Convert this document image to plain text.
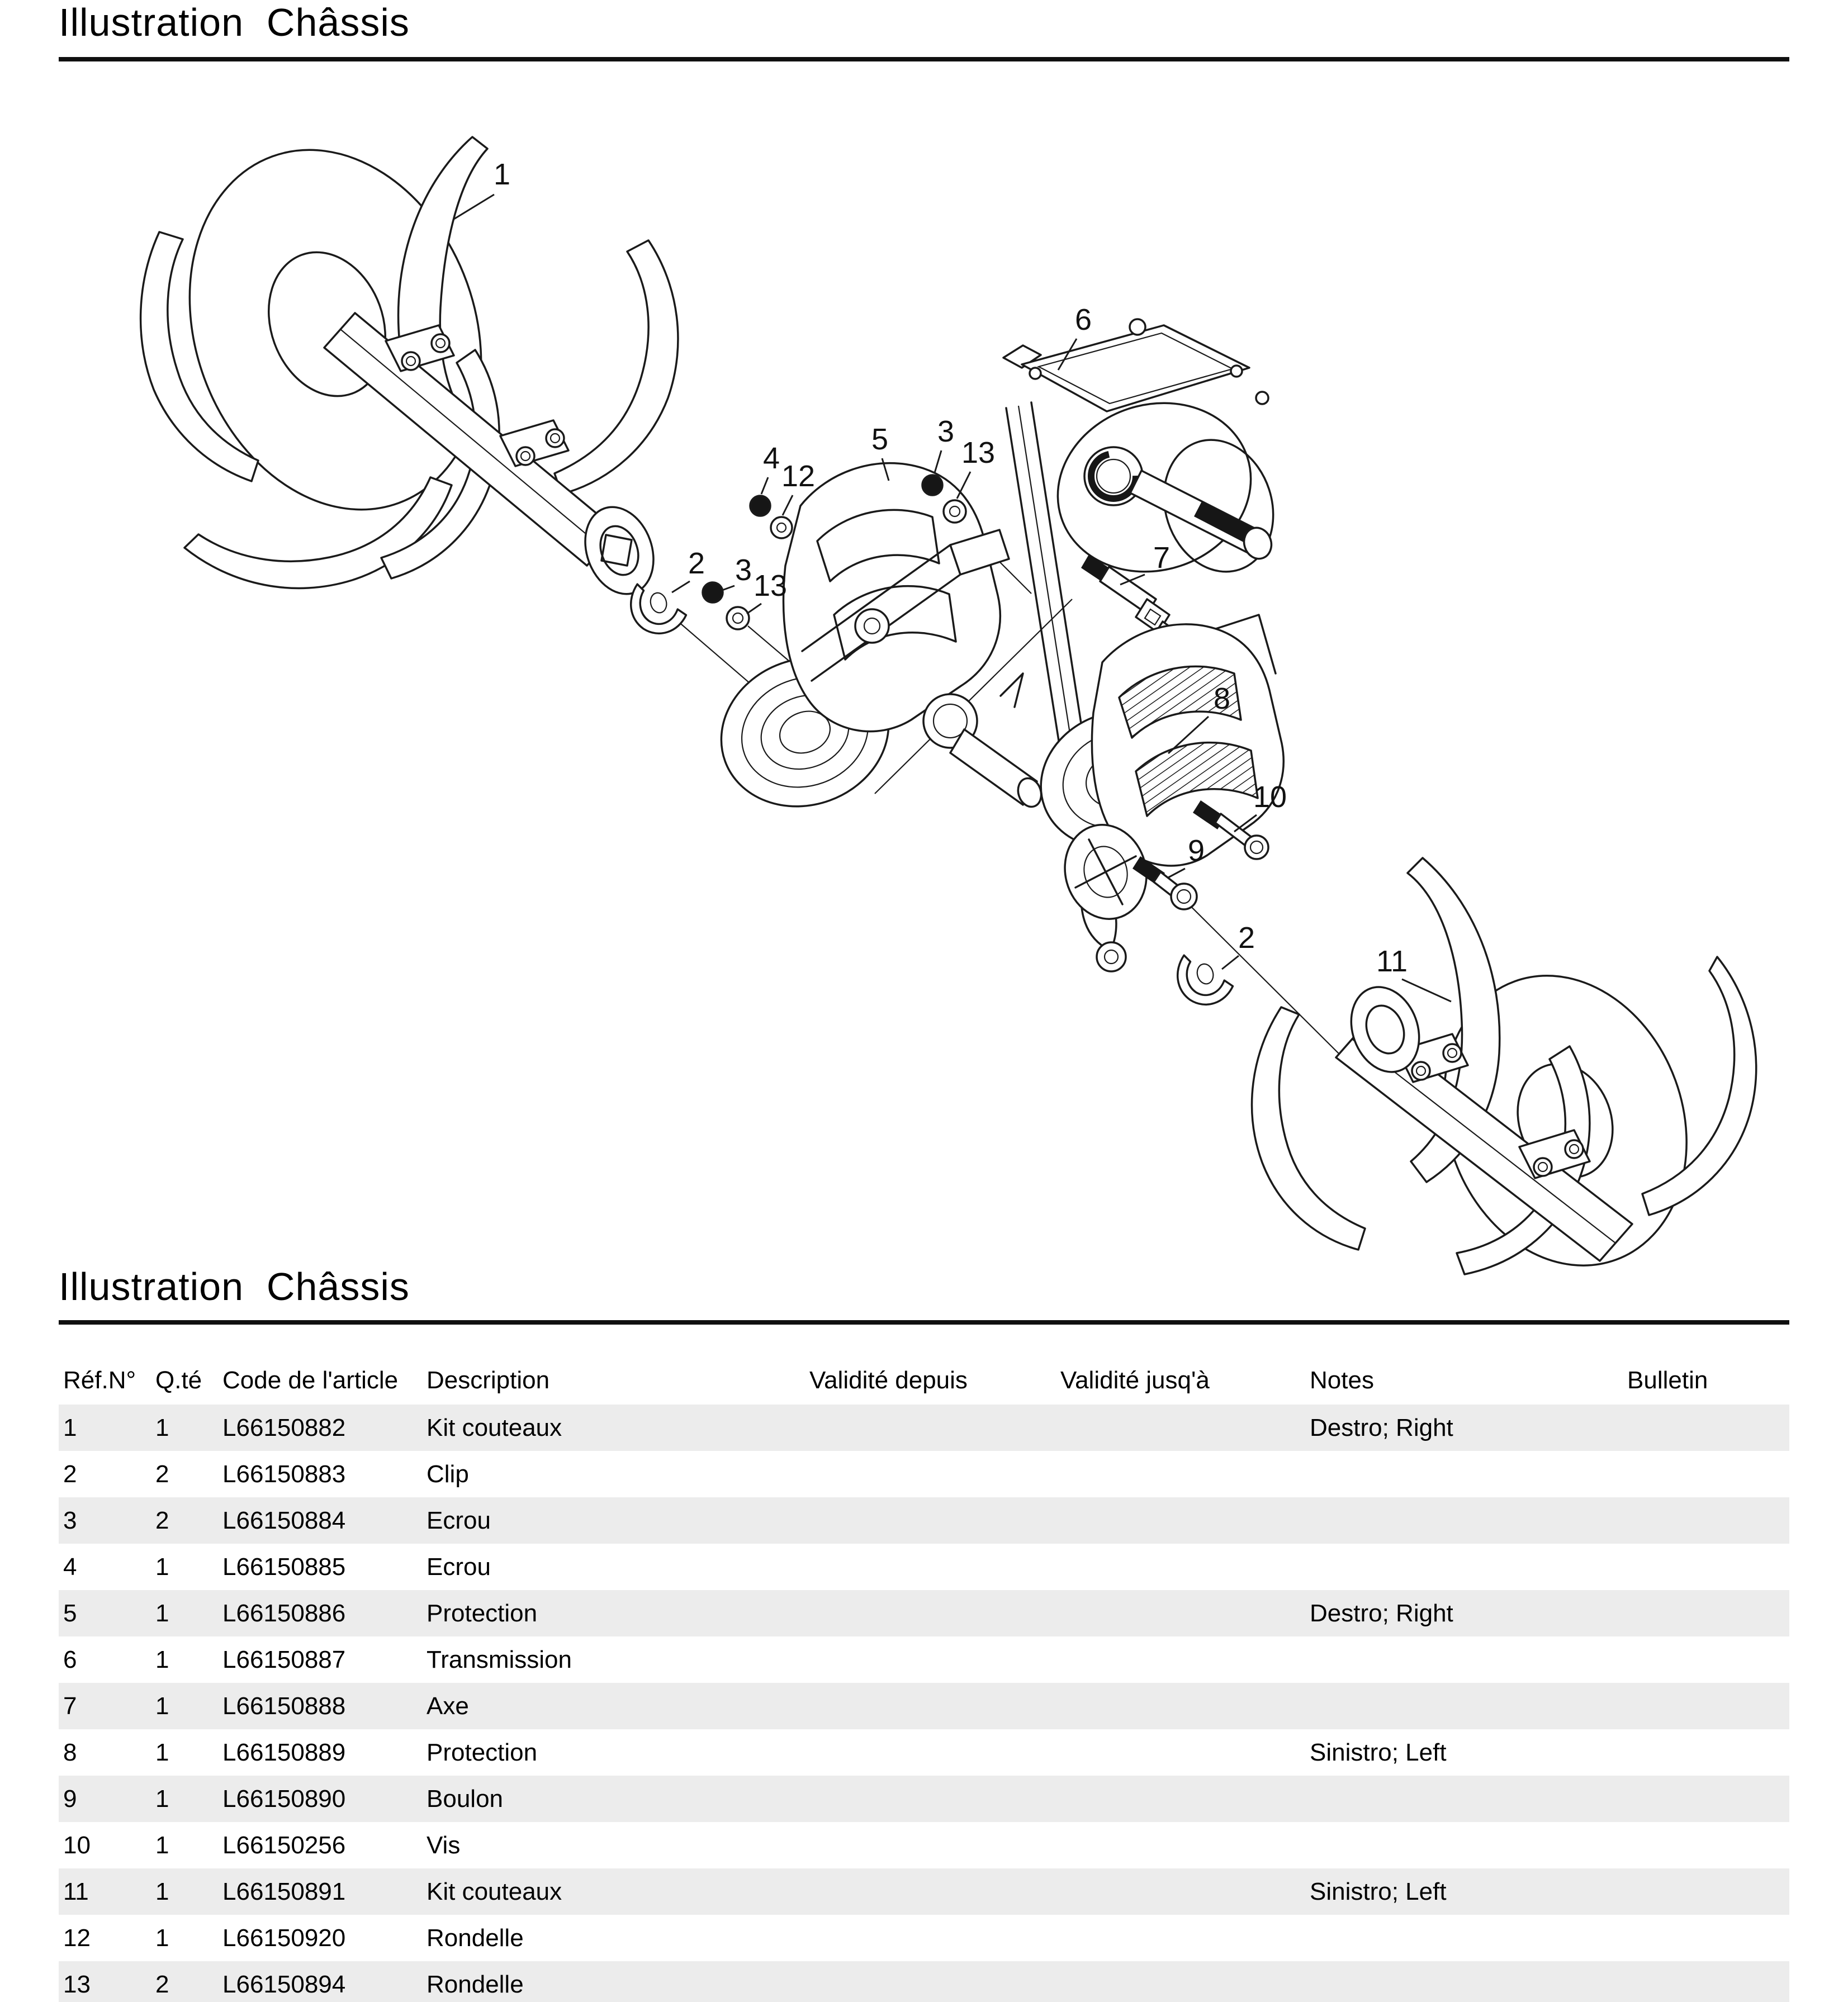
Illustration  Châssis
1
6
3
13
4
12
5
2 3 13
7
8
10
9
2
11
Illustration  Châssis
Réf.N°	Q.té	Code de l'article	Description	Validité depuis	Validité jusq'à	Notes	Bulletin
1	1	L66150882	Kit couteaux			Destro; Right	
2	2	L66150883	Clip				
3	2	L66150884	Ecrou				
4	1	L66150885	Ecrou				
5	1	L66150886	Protection			Destro; Right	
6	1	L66150887	Transmission				
7	1	L66150888	Axe				
8	1	L66150889	Protection			Sinistro; Left	
9	1	L66150890	Boulon				
10	1	L66150256	Vis				
11	1	L66150891	Kit couteaux			Sinistro; Left	
12	1	L66150920	Rondelle				
13	2	L66150894	Rondelle				
